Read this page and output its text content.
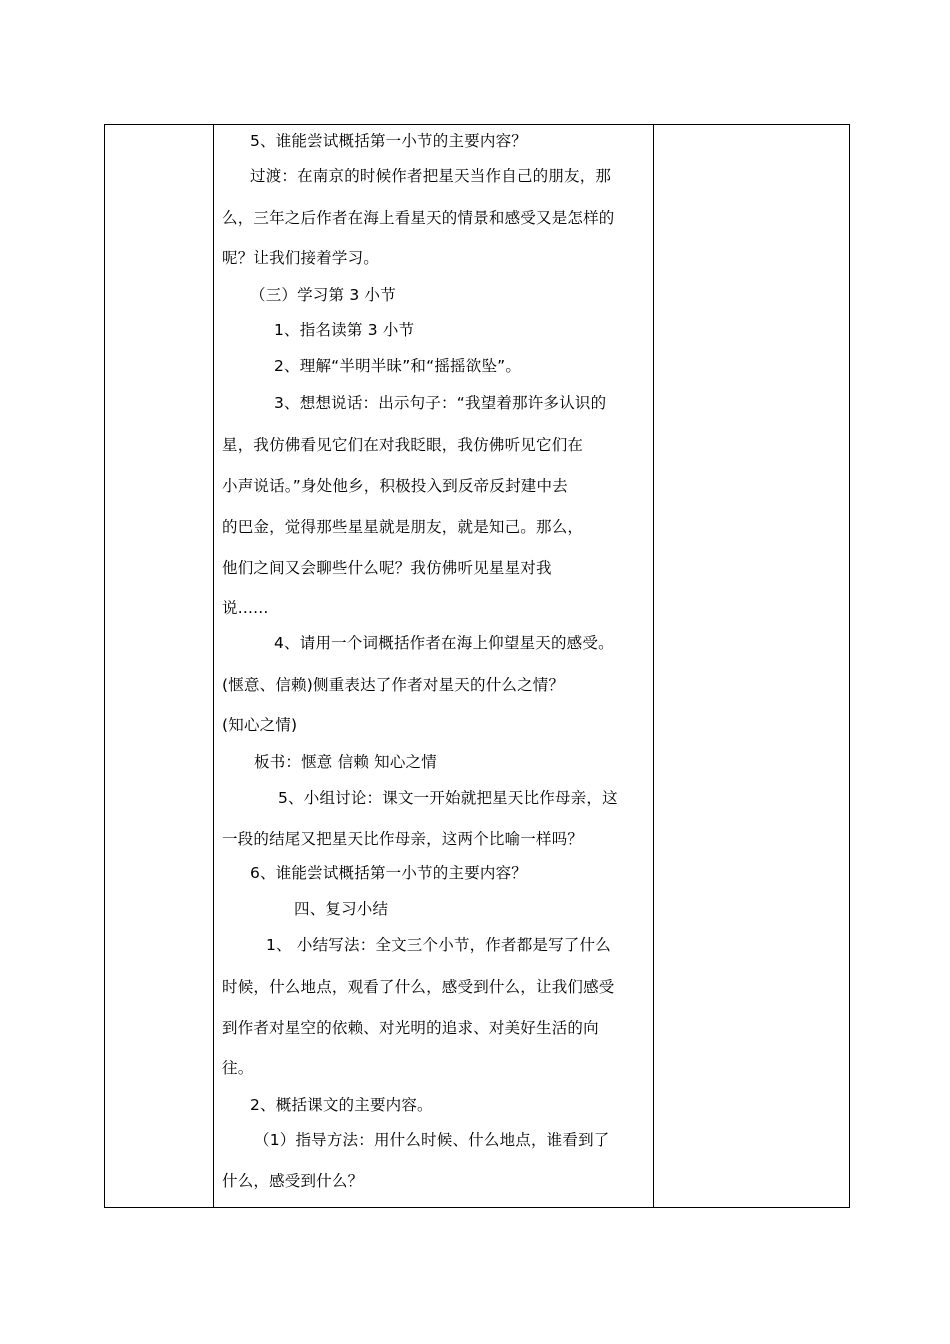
5、谁能尝试概括第一小节的主要内容？
过渡：在南京的时候作者把星天当作自己的朋友，那
么，三年之后作者在海上看星天的情景和感受又是怎样的
呢？让我们接着学习。
（三）学习第 3 小节
1、指名读第 3 小节
2、理解“半明半昧”和“摇摇欲坠”。
3、想想说话：出示句子：“我望着那许多认识的
星，我仿佛看见它们在对我眨眼，我仿佛听见它们在
小声说话。”身处他乡，积极投入到反帝反封建中去
的巴金，觉得那些星星就是朋友，就是知己。那么，
他们之间又会聊些什么呢？我仿佛听见星星对我
说......
4、请用一个词概括作者在海上仰望星天的感受。
(惬意、信赖)侧重表达了作者对星天的什么之情？
(知心之情)
板书：惬意 信赖 知心之情
5、小组讨论：课文一开始就把星天比作母亲，这
一段的结尾又把星天比作母亲，这两个比喻一样吗？
6、谁能尝试概括第一小节的主要内容？
四、复习小结
1、 小结写法：全文三个小节，作者都是写了什么
时候，什么地点，观看了什么，感受到什么，让我们感受
到作者对星空的依赖、对光明的追求、对美好生活的向
往。
2、概括课文的主要内容。
（1）指导方法：用什么时候、什么地点，谁看到了
什么，感受到什么？
